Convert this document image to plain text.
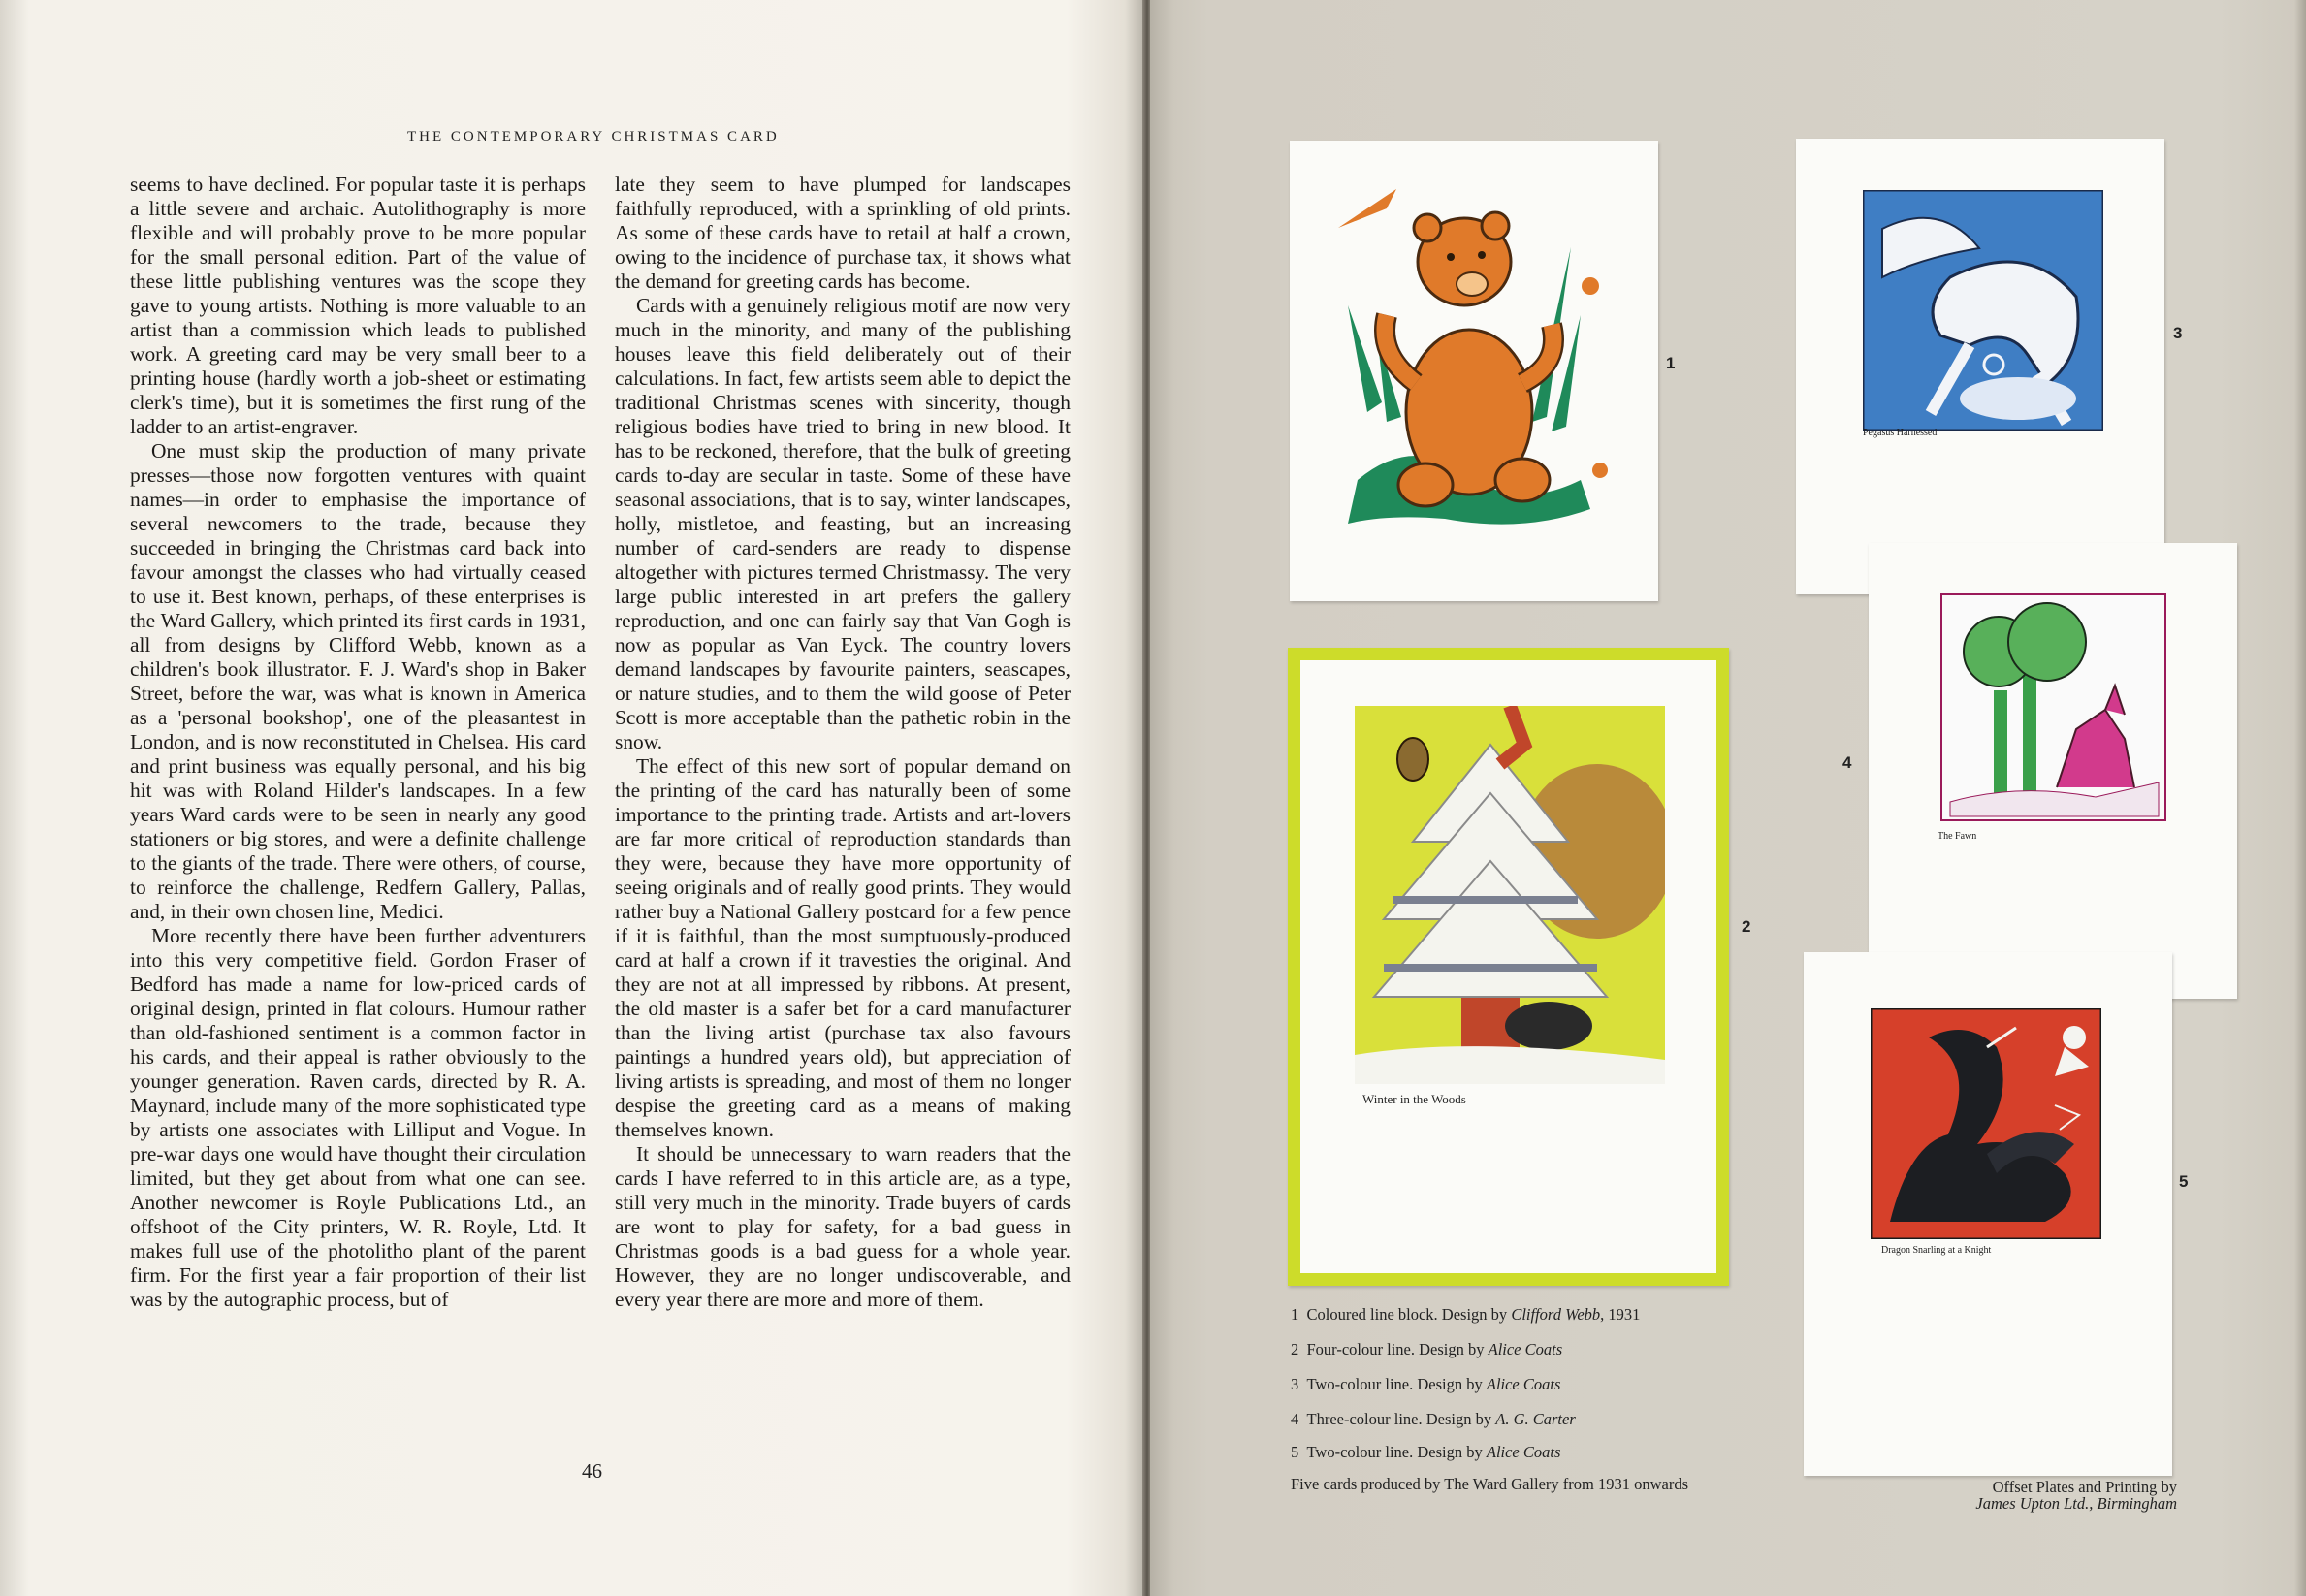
THE CONTEMPORARY CHRISTMAS CARD

seems to have declined. For popular taste it is perhaps a little severe and archaic. Autolithography is more flexible and will probably prove to be more popular for the small personal edition. Part of the value of these little publishing ventures was the scope they gave to young artists. Nothing is more valuable to an artist than a commission which leads to published work. A greeting card may be very small beer to a printing house (hardly worth a job-sheet or estimating clerk's time), but it is sometimes the first rung of the ladder to an artist-engraver.

One must skip the production of many private presses—those now forgotten ventures with quaint names—in order to emphasise the importance of several newcomers to the trade, because they succeeded in bringing the Christmas card back into favour amongst the classes who had virtually ceased to use it. Best known, perhaps, of these enterprises is the Ward Gallery, which printed its first cards in 1931, all from designs by Clifford Webb, known as a children's book illustrator. F. J. Ward's shop in Baker Street, before the war, was what is known in America as a 'personal bookshop', one of the pleasantest in London, and is now reconstituted in Chelsea. His card and print business was equally personal, and his big hit was with Roland Hilder's landscapes. In a few years Ward cards were to be seen in nearly any good stationers or big stores, and were a definite challenge to the giants of the trade. There were others, of course, to reinforce the challenge, Redfern Gallery, Pallas, and, in their own chosen line, Medici.

More recently there have been further adventurers into this very competitive field. Gordon Fraser of Bedford has made a name for low-priced cards of original design, printed in flat colours. Humour rather than old-fashioned sentiment is a common factor in his cards, and their appeal is rather obviously to the younger generation. Raven cards, directed by R. A. Maynard, include many of the more sophisticated type by artists one associates with Lilliput and Vogue. In pre-war days one would have thought their circulation limited, but they get about from what one can see. Another newcomer is Royle Publications Ltd., an offshoot of the City printers, W. R. Royle, Ltd. It makes full use of the photolitho plant of the parent firm. For the first year a fair proportion of their list was by the autographic process, but of

late they seem to have plumped for landscapes faithfully reproduced, with a sprinkling of old prints. As some of these cards have to retail at half a crown, owing to the incidence of purchase tax, it shows what the demand for greeting cards has become.

Cards with a genuinely religious motif are now very much in the minority, and many of the publishing houses leave this field deliberately out of their calculations. In fact, few artists seem able to depict the traditional Christmas scenes with sincerity, though religious bodies have tried to bring in new blood. It has to be reckoned, therefore, that the bulk of greeting cards to-day are secular in taste. Some of these have seasonal associations, that is to say, winter landscapes, holly, mistletoe, and feasting, but an increasing number of card-senders are ready to dispense altogether with pictures termed Christmassy. The very large public interested in art prefers the gallery reproduction, and one can fairly say that Van Gogh is now as popular as Van Eyck. The country lovers demand landscapes by favourite painters, seascapes, or nature studies, and to them the wild goose of Peter Scott is more acceptable than the pathetic robin in the snow.

The effect of this new sort of popular demand on the printing of the card has naturally been of some importance to the printing trade. Artists and art-lovers are far more critical of reproduction standards than they were, because they have more opportunity of seeing originals and of really good prints. They would rather buy a National Gallery postcard for a few pence if it is faithful, than the most sumptuously-produced card at half a crown if it travesties the original. And they are not at all impressed by ribbons. At present, the old master is a safer bet for a card manufacturer than the living artist (purchase tax also favours paintings a hundred years old), but appreciation of living artists is spreading, and most of them no longer despise the greeting card as a means of making themselves known.

It should be unnecessary to warn readers that the cards I have referred to in this article are, as a type, still very much in the minority. Trade buyers of cards are wont to play for safety, for a bad guess in Christmas goods is a bad guess for a whole year. However, they are no longer undiscoverable, and every year there are more and more of them.

46
1
Pegasus Harnessed
3
The Fawn
4
Dragon Snarling at a Knight
5
Winter in the Woods
2
1 Coloured line block. Design by Clifford Webb, 1931
2 Four-colour line. Design by Alice Coats
3 Two-colour line. Design by Alice Coats
4 Three-colour line. Design by A. G. Carter
5 Two-colour line. Design by Alice Coats
Five cards produced by The Ward Gallery from 1931 onwards	Offset Plates and Printing by
James Upton Ltd., Birmingham
